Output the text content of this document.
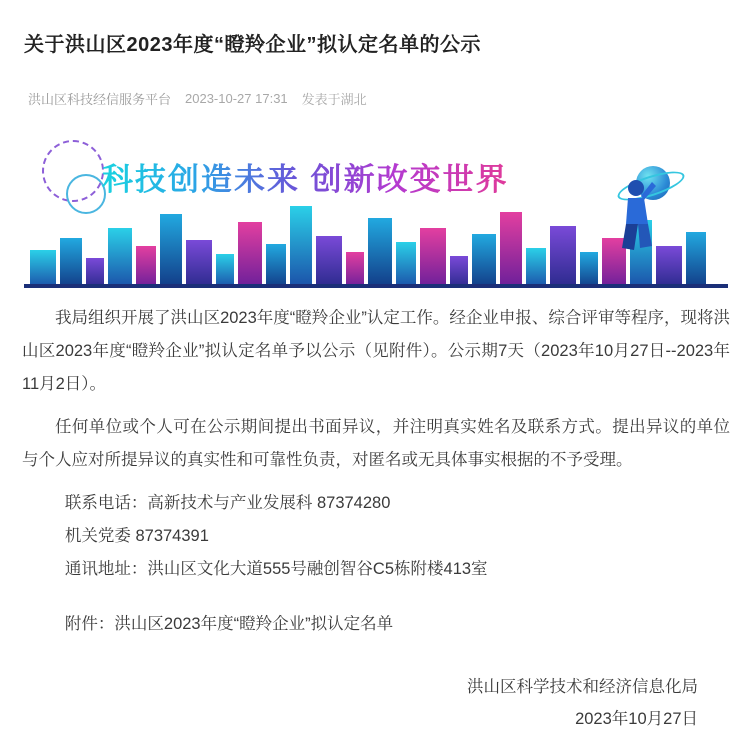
关于洪山区2023年度“瞪羚企业”拟认定名单的公示
洪山区科技经信服务平台 2023-10-27 17:31 发表于湖北
科技创造未来 创新改变世界

我局组织开展了洪山区2023年度“瞪羚企业”认定工作。经企业申报、综合评审等程序，现将洪山区2023年度“瞪羚企业”拟认定名单予以公示（见附件）。公示期7天（2023年10月27日--2023年11月2日）。

任何单位或个人可在公示期间提出书面异议，并注明真实姓名及联系方式。提出异议的单位与个人应对所提异议的真实性和可靠性负责，对匿名或无具体事实根据的不予受理。

联系电话：高新技术与产业发展科 87374280

机关党委 87374391

通讯地址：洪山区文化大道555号融创智谷C5栋附楼413室

附件：洪山区2023年度“瞪羚企业”拟认定名单

洪山区科学技术和经济信息化局
2023年10月27日
